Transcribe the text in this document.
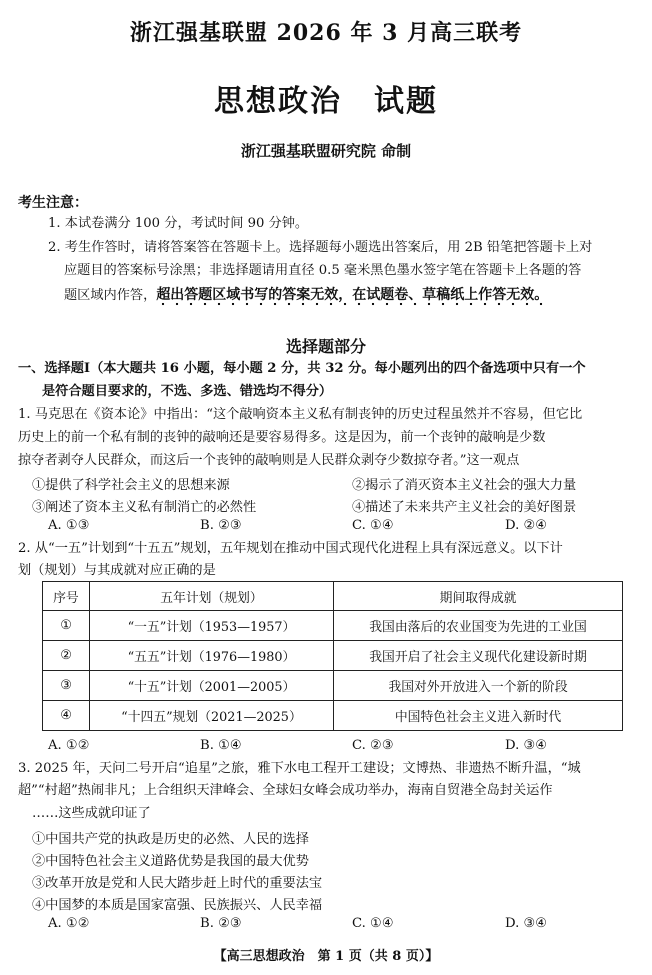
浙江强基联盟 2026 年 3 月高三联考
思想政治　试题
浙江强基联盟研究院 命制
考生注意：
1. 本试卷满分 100 分，考试时间 90 分钟。
2. 考生作答时，请将答案答在答题卡上。选择题每小题选出答案后，用 2B 铅笔把答题卡上对
应题目的答案标号涂黑；非选择题请用直径 0.5 毫米黑色墨水签字笔在答题卡上各题的答
题区域内作答，超出答题区域书写的答案无效，在试题卷、草稿纸上作答无效。
选择题部分
一、选择题Ⅰ（本大题共 16 小题，每小题 2 分，共 32 分。每小题列出的四个备选项中只有一个
是符合题目要求的，不选、多选、错选均不得分）
1. 马克思在《资本论》中指出：“这个敲响资本主义私有制丧钟的历史过程虽然并不容易，但它比
历史上的前一个私有制的丧钟的敲响还是要容易得多。这是因为，前一个丧钟的敲响是少数
掠夺者剥夺人民群众，而这后一个丧钟的敲响则是人民群众剥夺少数掠夺者。”这一观点
①提供了科学社会主义的思想来源	②揭示了消灭资本主义社会的强大力量
③阐述了资本主义私有制消亡的必然性	④描述了未来共产主义社会的美好图景
A. ①③	B. ②③	C. ①④	D. ②④
2. 从“一五”计划到“十五五”规划，五年规划在推动中国式现代化进程上具有深远意义。以下计
划（规划）与其成就对应正确的是
序号	五年计划（规划）	期间取得成就
①	“一五”计划（1953—1957）	我国由落后的农业国变为先进的工业国
②	“五五”计划（1976—1980）	我国开启了社会主义现代化建设新时期
③	“十五”计划（2001—2005）	我国对外开放进入一个新的阶段
④	“十四五”规划（2021—2025）	中国特色社会主义进入新时代
A. ①②	B. ①④	C. ②③	D. ③④
3. 2025 年，天问二号开启“追星”之旅，雅下水电工程开工建设；文博热、非遗热不断升温，“城
超”“村超”热闹非凡；上合组织天津峰会、全球妇女峰会成功举办，海南自贸港全岛封关运作
……这些成就印证了
①中国共产党的执政是历史的必然、人民的选择
②中国特色社会主义道路优势是我国的最大优势
③改革开放是党和人民大踏步赶上时代的重要法宝
④中国梦的本质是国家富强、民族振兴、人民幸福
A. ①②	B. ②③	C. ①④	D. ③④
【高三思想政治　第 1 页（共 8 页）】
